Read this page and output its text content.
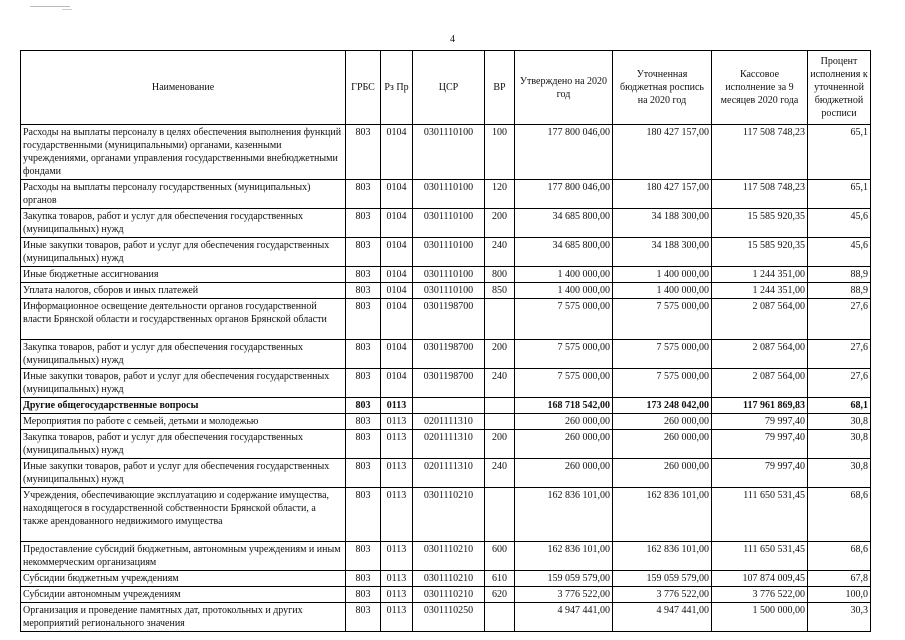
4
Наименование	ГРБС	Рз Пр	ЦСР	ВР	Утверждено на 2020 год	Уточненная бюджетная роспись на 2020 год	Кассовое исполнение за 9 месяцев 2020 года	Процент исполнения к уточненной бюджетной росписи
Расходы на выплаты персоналу в целях обеспечения выполнения функций государственными (муниципальными) органами, казенными учреждениями, органами управления государственными внебюджетными фондами	803	0104	0301110100	100	177 800 046,00	180 427 157,00	117 508 748,23	65,1
Расходы на выплаты персоналу государственных (муниципальных) органов	803	0104	0301110100	120	177 800 046,00	180 427 157,00	117 508 748,23	65,1
Закупка товаров, работ и услуг для обеспечения государственных (муниципальных) нужд	803	0104	0301110100	200	34 685 800,00	34 188 300,00	15 585 920,35	45,6
Иные закупки товаров, работ и услуг для обеспечения государственных (муниципальных) нужд	803	0104	0301110100	240	34 685 800,00	34 188 300,00	15 585 920,35	45,6
Иные бюджетные ассигнования	803	0104	0301110100	800	1 400 000,00	1 400 000,00	1 244 351,00	88,9
Уплата налогов, сборов и иных платежей	803	0104	0301110100	850	1 400 000,00	1 400 000,00	1 244 351,00	88,9
Информационное освещение деятельности органов государственной власти Брянской области и государственных органов Брянской области	803	0104	0301198700		7 575 000,00	7 575 000,00	2 087 564,00	27,6
Закупка товаров, работ и услуг для обеспечения государственных (муниципальных) нужд	803	0104	0301198700	200	7 575 000,00	7 575 000,00	2 087 564,00	27,6
Иные закупки товаров, работ и услуг для обеспечения государственных (муниципальных) нужд	803	0104	0301198700	240	7 575 000,00	7 575 000,00	2 087 564,00	27,6
Другие общегосударственные вопросы	803	0113			168 718 542,00	173 248 042,00	117 961 869,83	68,1
Мероприятия по работе с семьей, детьми и молодежью	803	0113	0201111310		260 000,00	260 000,00	79 997,40	30,8
Закупка товаров, работ и услуг для обеспечения государственных (муниципальных) нужд	803	0113	0201111310	200	260 000,00	260 000,00	79 997,40	30,8
Иные закупки товаров, работ и услуг для обеспечения государственных (муниципальных) нужд	803	0113	0201111310	240	260 000,00	260 000,00	79 997,40	30,8
Учреждения, обеспечивающие эксплуатацию и содержание имущества, находящегося в государственной собственности Брянской области, а также арендованного недвижимого имущества	803	0113	0301110210		162 836 101,00	162 836 101,00	111 650 531,45	68,6
Предоставление субсидий бюджетным, автономным учреждениям и иным некоммерческим организациям	803	0113	0301110210	600	162 836 101,00	162 836 101,00	111 650 531,45	68,6
Субсидии бюджетным учреждениям	803	0113	0301110210	610	159 059 579,00	159 059 579,00	107 874 009,45	67,8
Субсидии автономным учреждениям	803	0113	0301110210	620	3 776 522,00	3 776 522,00	3 776 522,00	100,0
Организация и проведение памятных дат, протокольных и других мероприятий регионального значения	803	0113	0301110250		4 947 441,00	4 947 441,00	1 500 000,00	30,3
